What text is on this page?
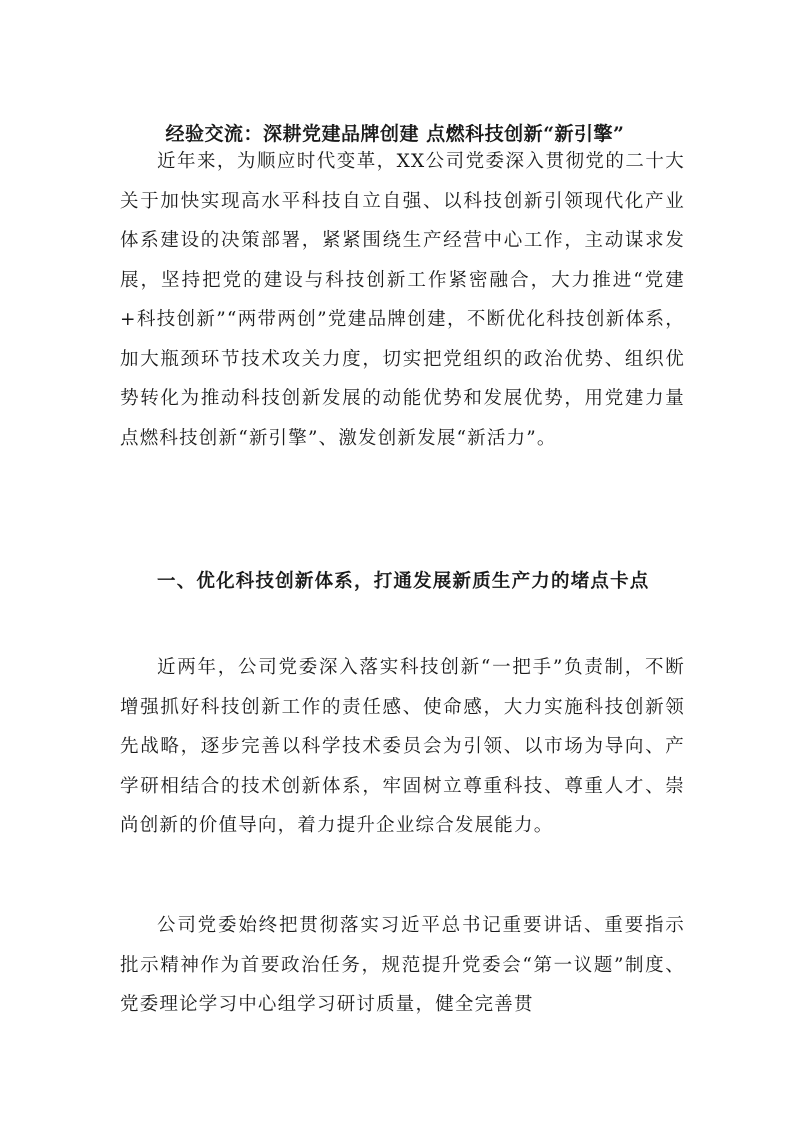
经验交流：深耕党建品牌创建 点燃科技创新“新引擎”

近年来，为顺应时代变革，XX公司党委深入贯彻党的二十大关于加快实现高水平科技自立自强、以科技创新引领现代化产业体系建设的决策部署，紧紧围绕生产经营中心工作，主动谋求发展，坚持把党的建设与科技创新工作紧密融合，大力推进“党建+科技创新”“两带两创”党建品牌创建，不断优化科技创新体系，加大瓶颈环节技术攻关力度，切实把党组织的政治优势、组织优势转化为推动科技创新发展的动能优势和发展优势，用党建力量点燃科技创新“新引擎”、激发创新发展“新活力”。

一、优化科技创新体系，打通发展新质生产力的堵点卡点

近两年，公司党委深入落实科技创新“一把手”负责制，不断增强抓好科技创新工作的责任感、使命感，大力实施科技创新领先战略，逐步完善以科学技术委员会为引领、以市场为导向、产学研相结合的技术创新体系，牢固树立尊重科技、尊重人才、崇尚创新的价值导向，着力提升企业综合发展能力。

公司党委始终把贯彻落实习近平总书记重要讲话、重要指示批示精神作为首要政治任务，规范提升党委会“第一议题”制度、党委理论学习中心组学习研讨质量，健全完善贯
